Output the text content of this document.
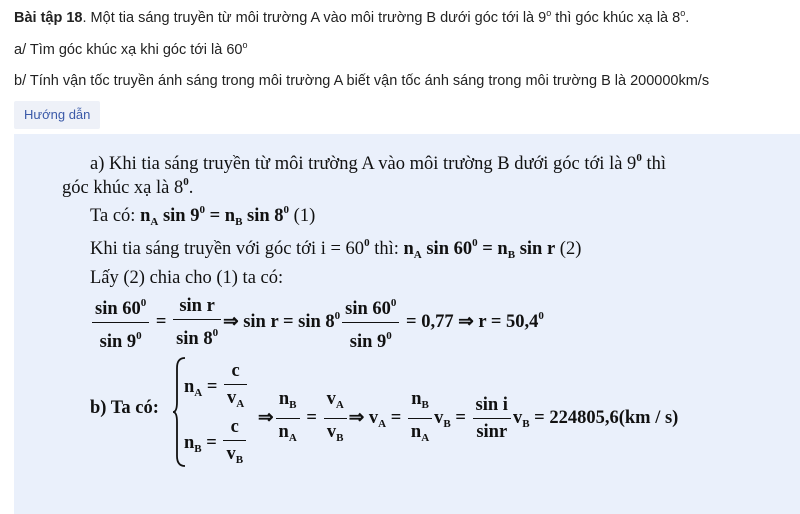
Bài tập 18. Một tia sáng truyền từ môi trường A vào môi trường B dưới góc tới là 9$^o$ thì góc khúc xạ là 8$^o$.
a/ Tìm góc khúc xạ khi góc tới là 60$^o$
b/ Tính vận tốc truyền ánh sáng trong môi trường A biết vận tốc ánh sáng trong môi trường B là 200000km/s
Hướng dẫn
a) Khi tia sáng truyền từ môi trường A vào môi trường B dưới góc tới là $9^0$ thì
góc khúc xạ là $8^0$.
Ta có: $n_A$ $\sin 9^0 = n_B$ $\sin 8^0$ (1)
Khi tia sáng truyền với góc tới $i = 60^0$ thì: $n_A$ $\sin 60^0 = n_B$ sin r (2)
Lấy (2) chia cho (1) ta có:
$\frac{\sin 60^0}{\sin 9^0} = \frac{\text{sin r}}{\sin 8^0}$ ⇒ $\sin r = \sin 8^0 \frac{\sin 60^0}{\sin 9^0} = 0,77$ ⇒ $r = 50,4^0$
b) Ta có:
$n_A = \frac{c}{v_A}$
$n_B = \frac{c}{v_B}$ ⇒ $\frac{n_B}{n_A} = \frac{v_A}{v_B}$ ⇒ $v_A = \frac{n_B}{n_A} v_B = \frac{\text{sin i}}{\sin r} v_B = 224805,6(km / s)$
